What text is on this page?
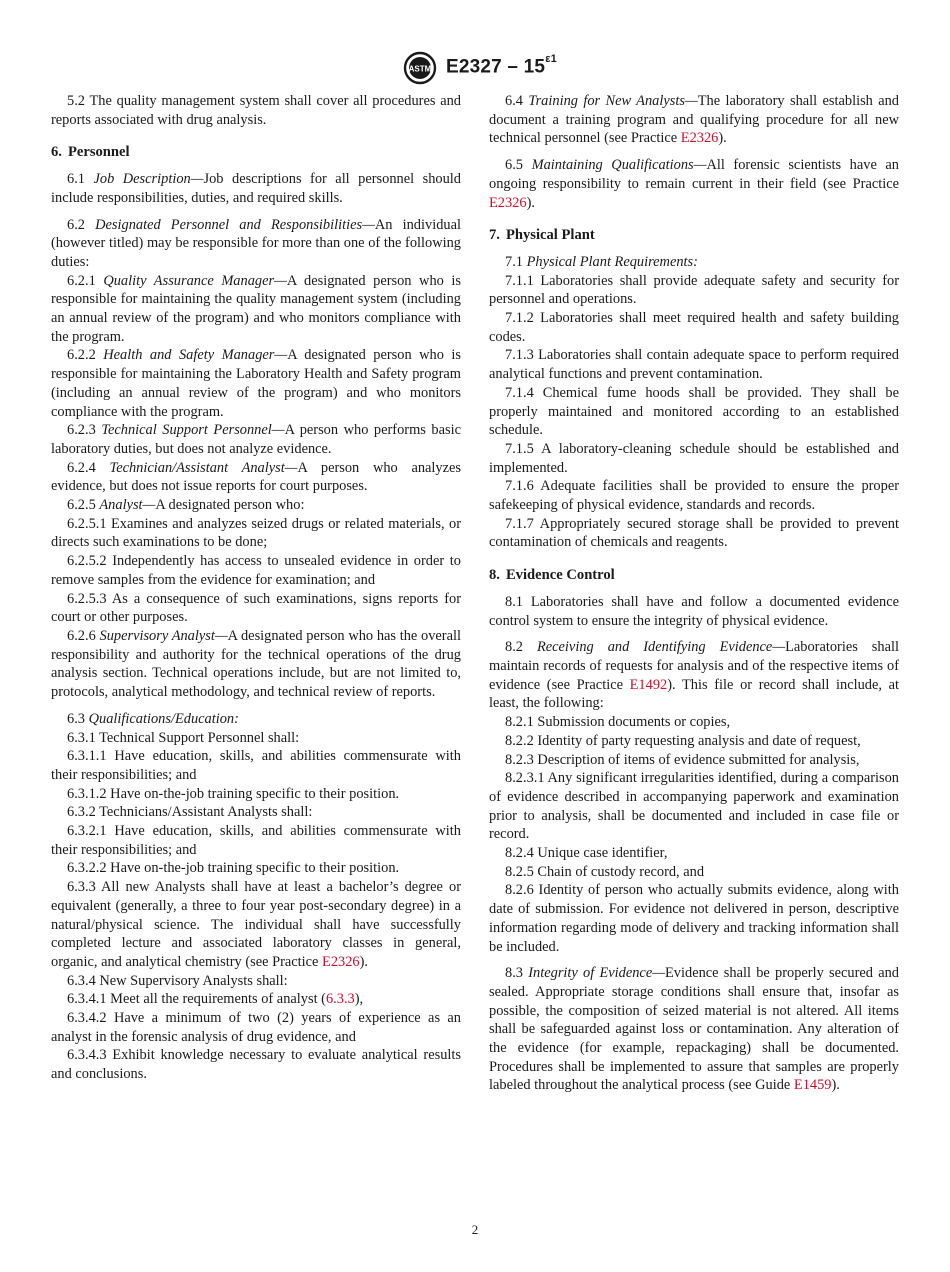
ASTM $E2327 - 15^{\varepsilon 1}$

5.2 The quality management system shall cover all procedures and reports associated with drug analysis.

6. Personnel

6.1 Job Description—Job descriptions for all personnel should include responsibilities, duties, and required skills.

6.2 Designated Personnel and Responsibilities—An individual (however titled) may be responsible for more than one of the following duties:

6.2.1 Quality Assurance Manager—A designated person who is responsible for maintaining the quality management system (including an annual review of the program) and who monitors compliance with the program.

6.2.2 Health and Safety Manager—A designated person who is responsible for maintaining the Laboratory Health and Safety program (including an annual review of the program) and who monitors compliance with the program.

6.2.3 Technical Support Personnel—A person who performs basic laboratory duties, but does not analyze evidence.

6.2.4 Technician/Assistant Analyst—A person who analyzes evidence, but does not issue reports for court purposes.

6.2.5 Analyst—A designated person who:

6.2.5.1 Examines and analyzes seized drugs or related materials, or directs such examinations to be done;

6.2.5.2 Independently has access to unsealed evidence in order to remove samples from the evidence for examination; and

6.2.5.3 As a consequence of such examinations, signs reports for court or other purposes.

6.2.6 Supervisory Analyst—A designated person who has the overall responsibility and authority for the technical operations of the drug analysis section. Technical operations include, but are not limited to, protocols, analytical methodology, and technical review of reports.

6.3 Qualifications/Education:

6.3.1 Technical Support Personnel shall:

6.3.1.1 Have education, skills, and abilities commensurate with their responsibilities; and

6.3.1.2 Have on-the-job training specific to their position.

6.3.2 Technicians/Assistant Analysts shall:

6.3.2.1 Have education, skills, and abilities commensurate with their responsibilities; and

6.3.2.2 Have on-the-job training specific to their position.

6.3.3 All new Analysts shall have at least a bachelor’s degree or equivalent (generally, a three to four year post-secondary degree) in a natural/physical science. The individual shall have successfully completed lecture and associated laboratory classes in general, organic, and analytical chemistry (see Practice E2326).

6.3.4 New Supervisory Analysts shall:

6.3.4.1 Meet all the requirements of analyst (6.3.3),

6.3.4.2 Have a minimum of two (2) years of experience as an analyst in the forensic analysis of drug evidence, and

6.3.4.3 Exhibit knowledge necessary to evaluate analytical results and conclusions.

6.4 Training for New Analysts—The laboratory shall establish and document a training program and qualifying procedure for all new technical personnel (see Practice E2326).

6.5 Maintaining Qualifications—All forensic scientists have an ongoing responsibility to remain current in their field (see Practice E2326).

7. Physical Plant

7.1 Physical Plant Requirements:

7.1.1 Laboratories shall provide adequate safety and security for personnel and operations.

7.1.2 Laboratories shall meet required health and safety building codes.

7.1.3 Laboratories shall contain adequate space to perform required analytical functions and prevent contamination.

7.1.4 Chemical fume hoods shall be provided. They shall be properly maintained and monitored according to an established schedule.

7.1.5 A laboratory-cleaning schedule should be established and implemented.

7.1.6 Adequate facilities shall be provided to ensure the proper safekeeping of physical evidence, standards and records.

7.1.7 Appropriately secured storage shall be provided to prevent contamination of chemicals and reagents.

8. Evidence Control

8.1 Laboratories shall have and follow a documented evidence control system to ensure the integrity of physical evidence.

8.2 Receiving and Identifying Evidence—Laboratories shall maintain records of requests for analysis and of the respective items of evidence (see Practice E1492). This file or record shall include, at least, the following:

8.2.1 Submission documents or copies,

8.2.2 Identity of party requesting analysis and date of request,

8.2.3 Description of items of evidence submitted for analysis,

8.2.3.1 Any significant irregularities identified, during a comparison of evidence described in accompanying paperwork and examination prior to analysis, shall be documented and included in case file or record.

8.2.4 Unique case identifier,

8.2.5 Chain of custody record, and

8.2.6 Identity of person who actually submits evidence, along with date of submission. For evidence not delivered in person, descriptive information regarding mode of delivery and tracking information shall be included.

8.3 Integrity of Evidence—Evidence shall be properly secured and sealed. Appropriate storage conditions shall ensure that, insofar as possible, the composition of seized material is not altered. All items shall be safeguarded against loss or contamination. Any alteration of the evidence (for example, repackaging) shall be documented. Procedures shall be implemented to assure that samples are properly labeled throughout the analytical process (see Guide E1459).

2
